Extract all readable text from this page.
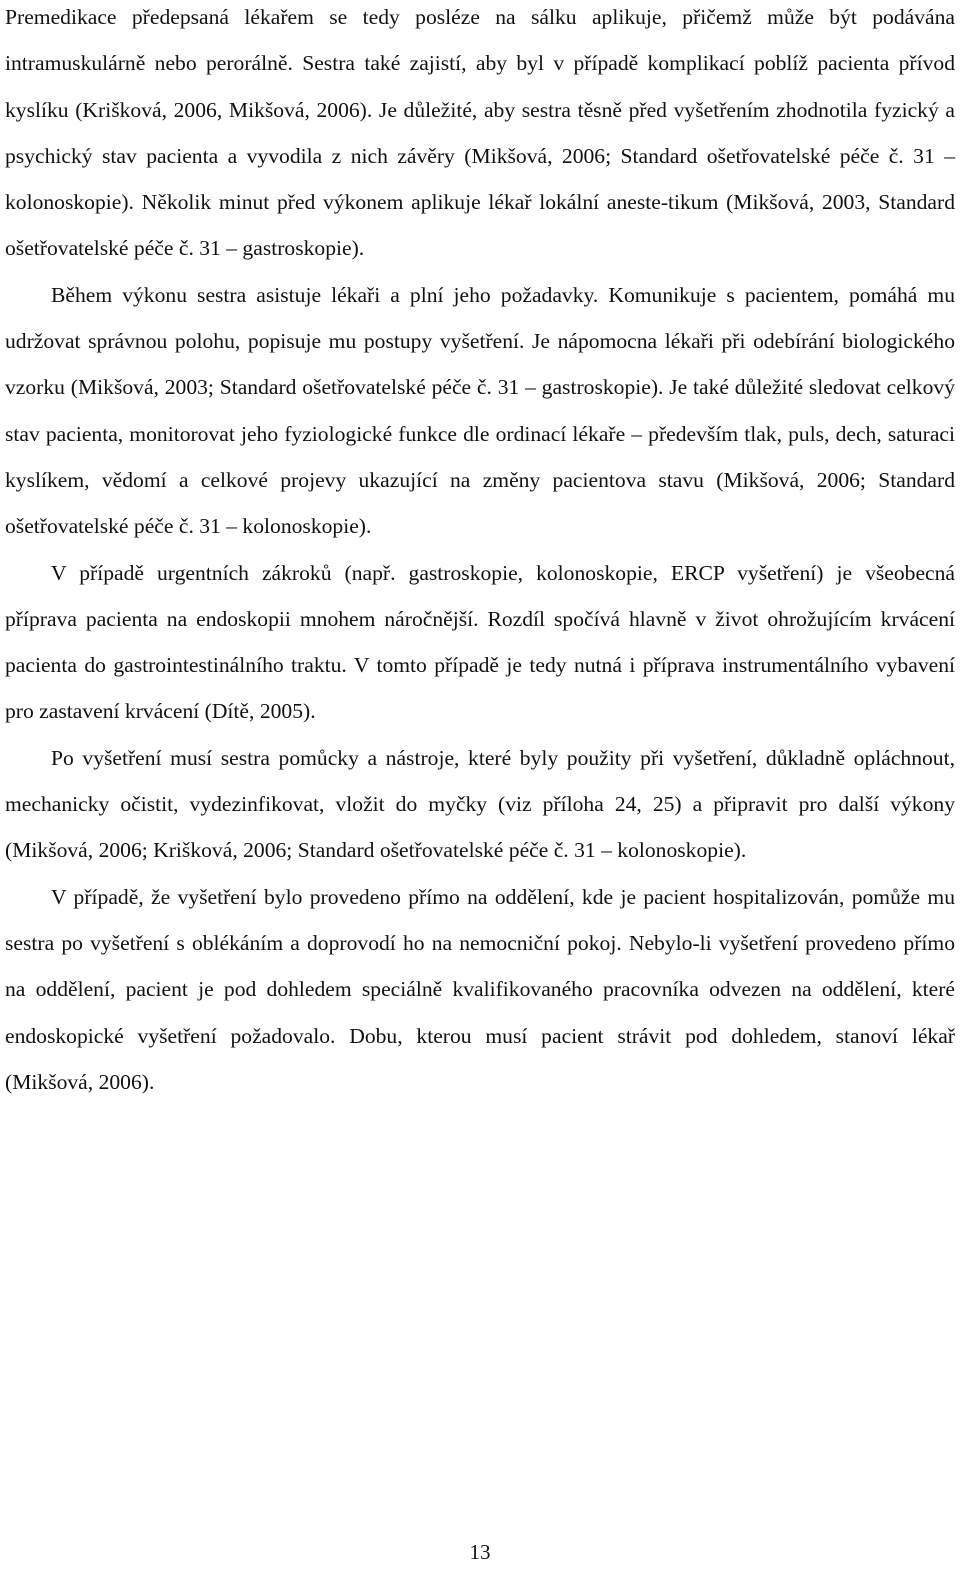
Premedikace předepsaná lékařem se tedy posléze na sálku aplikuje, přičemž může být podávána intramuskulárně nebo perorálně. Sestra také zajistí, aby byl v případě komplikací poblíž pacienta přívod kyslíku (Krišková, 2006, Mikšová, 2006). Je důležité, aby sestra těsně před vyšetřením zhodnotila fyzický a psychický stav pacienta a vyvodila z nich závěry (Mikšová, 2006; Standard ošetřovatelské péče č. 31 – kolonoskopie). Několik minut před výkonem aplikuje lékař lokální aneste-tikum (Mikšová, 2003, Standard ošetřovatelské péče č. 31 – gastroskopie).

Během výkonu sestra asistuje lékaři a plní jeho požadavky. Komunikuje s pacientem, pomáhá mu udržovat správnou polohu, popisuje mu postupy vyšetření. Je nápomocna lékaři při odebírání biologického vzorku (Mikšová, 2003; Standard ošetřovatelské péče č. 31 – gastroskopie). Je také důležité sledovat celkový stav pacienta, monitorovat jeho fyziologické funkce dle ordinací lékaře – především tlak, puls, dech, saturaci kyslíkem, vědomí a celkové projevy ukazující na změny pacientova stavu (Mikšová, 2006; Standard ošetřovatelské péče č. 31 – kolonoskopie).

V případě urgentních zákroků (např. gastroskopie, kolonoskopie, ERCP vyšetření) je všeobecná příprava pacienta na endoskopii mnohem náročnější. Rozdíl spočívá hlavně v život ohrožujícím krvácení pacienta do gastrointestinálního traktu. V tomto případě je tedy nutná i příprava instrumentálního vybavení pro zastavení krvácení (Dítě, 2005).

Po vyšetření musí sestra pomůcky a nástroje, které byly použity při vyšetření, důkladně opláchnout, mechanicky očistit, vydezinfikovat, vložit do myčky (viz příloha 24, 25) a připravit pro další výkony (Mikšová, 2006; Krišková, 2006; Standard ošetřovatelské péče č. 31 – kolonoskopie).

V případě, že vyšetření bylo provedeno přímo na oddělení, kde je pacient hospitalizován, pomůže mu sestra po vyšetření s oblékáním a doprovodí ho na nemocniční pokoj. Nebylo-li vyšetření provedeno přímo na oddělení, pacient je pod dohledem speciálně kvalifikovaného pracovníka odvezen na oddělení, které endoskopické vyšetření požadovalo. Dobu, kterou musí pacient strávit pod dohledem, stanoví lékař (Mikšová, 2006).

13
